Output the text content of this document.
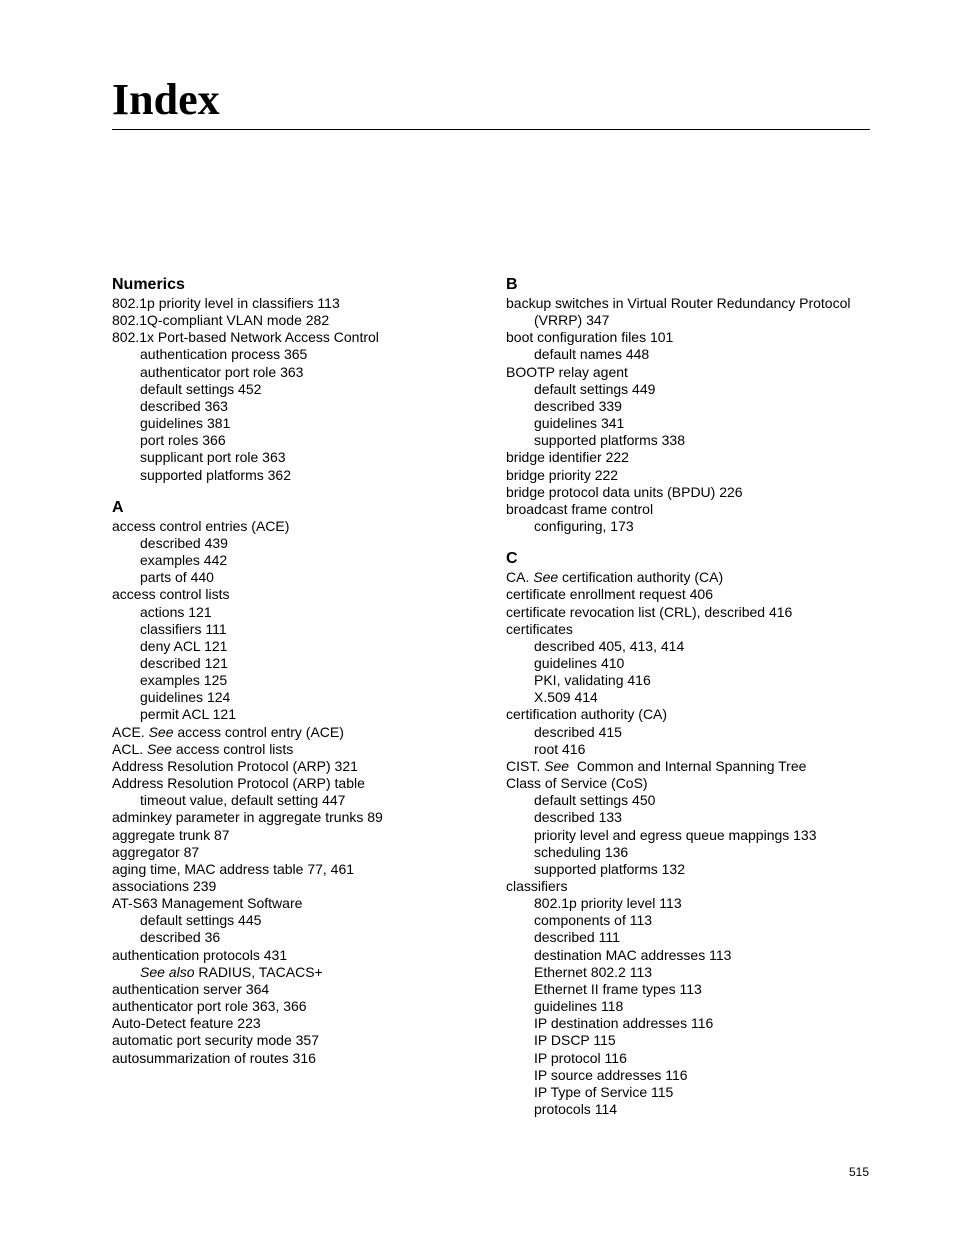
Index
Numerics
802.1p priority level in classifiers 113
802.1Q-compliant VLAN mode 282
802.1x Port-based Network Access Control
authentication process 365
authenticator port role 363
default settings 452
described 363
guidelines 381
port roles 366
supplicant port role 363
supported platforms 362
A
access control entries (ACE)
described 439
examples 442
parts of 440
access control lists
actions 121
classifiers 111
deny ACL 121
described 121
examples 125
guidelines 124
permit ACL 121
ACE. See access control entry (ACE)
ACL. See access control lists
Address Resolution Protocol (ARP) 321
Address Resolution Protocol (ARP) table
timeout value, default setting 447
adminkey parameter in aggregate trunks 89
aggregate trunk 87
aggregator 87
aging time, MAC address table 77, 461
associations 239
AT-S63 Management Software
default settings 445
described 36
authentication protocols 431
See also RADIUS, TACACS+
authentication server 364
authenticator port role 363, 366
Auto-Detect feature 223
automatic port security mode 357
autosummarization of routes 316
B
backup switches in Virtual Router Redundancy Protocol
(VRRP) 347
boot configuration files 101
default names 448
BOOTP relay agent
default settings 449
described 339
guidelines 341
supported platforms 338
bridge identifier 222
bridge priority 222
bridge protocol data units (BPDU) 226
broadcast frame control
configuring, 173
C
CA. See certification authority (CA)
certificate enrollment request 406
certificate revocation list (CRL), described 416
certificates
described 405, 413, 414
guidelines 410
PKI, validating 416
X.509 414
certification authority (CA)
described 415
root 416
CIST. See  Common and Internal Spanning Tree
Class of Service (CoS)
default settings 450
described 133
priority level and egress queue mappings 133
scheduling 136
supported platforms 132
classifiers
802.1p priority level 113
components of 113
described 111
destination MAC addresses 113
Ethernet 802.2 113
Ethernet II frame types 113
guidelines 118
IP destination addresses 116
IP DSCP 115
IP protocol 116
IP source addresses 116
IP Type of Service 115
protocols 114
515
